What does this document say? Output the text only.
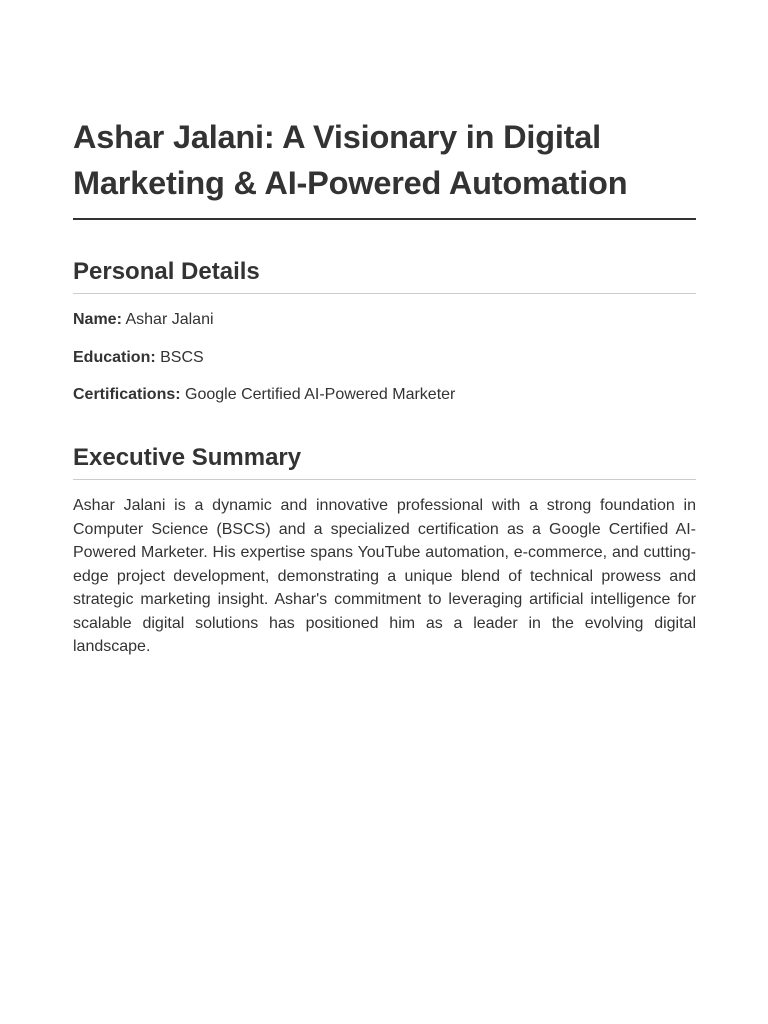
Ashar Jalani: A Visionary in Digital Marketing & AI-Powered Automation
Personal Details

Name: Ashar Jalani

Education: BSCS

Certifications: Google Certified AI-Powered Marketer

Executive Summary

Ashar Jalani is a dynamic and innovative professional with a strong foundation in Computer Science (BSCS) and a specialized certification as a Google Certified AI-Powered Marketer. His expertise spans YouTube automation, e-commerce, and cutting-edge project development, demonstrating a unique blend of technical prowess and strategic marketing insight. Ashar's commitment to leveraging artificial intelligence for scalable digital solutions has positioned him as a leader in the evolving digital landscape.
